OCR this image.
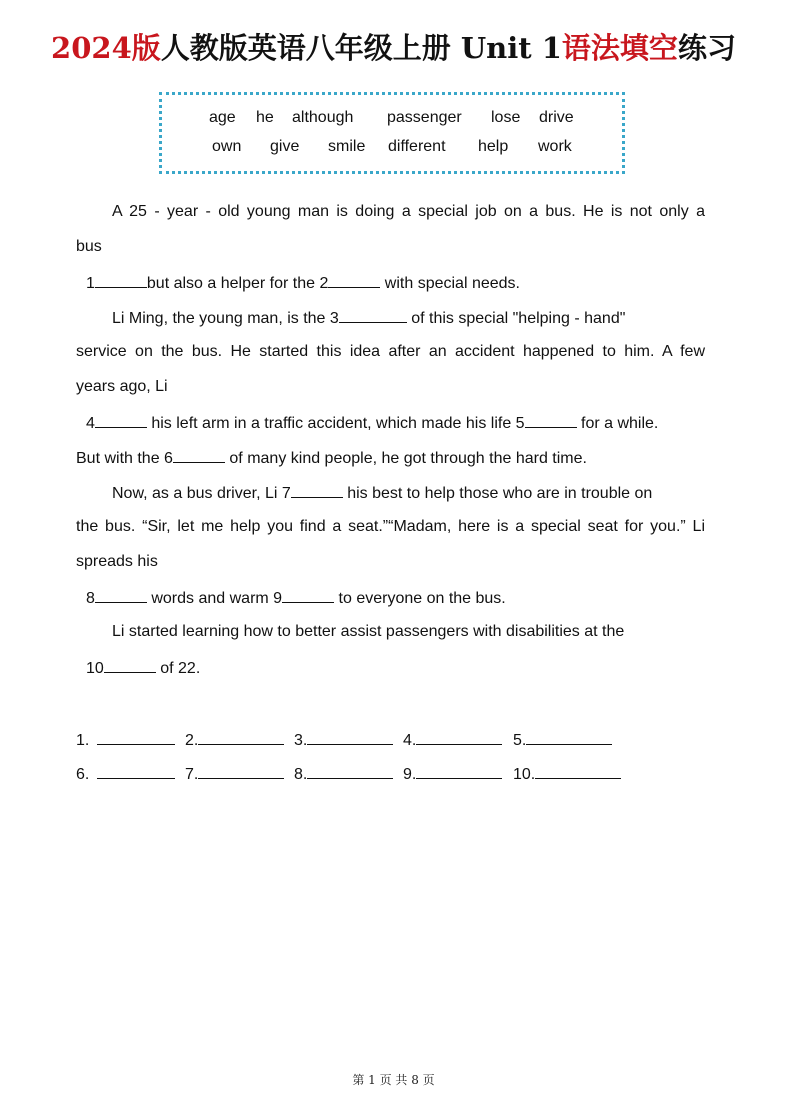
2024版人教版英语八年级上册 Unit 1语法填空练习
age he although passenger lose drive
own give smile different help work
A 25 - year - old young man is doing a special job on a bus. He is not only a
bus
1	but also a helper for the 2	with special needs.
Li Ming, the young man, is the 3	of this special "helping - hand"
service on the bus. He started this idea after an accident happened to him. A few
years ago, Li
4	his left arm in a traffic accident, which made his life 5	for a while.
But with the 6	of many kind people, he got through the hard time.
Now, as a bus driver, Li 7	his best to help those who are in trouble on
the bus. “Sir, let me help you find a seat.”“Madam, here is a special seat for you.” Li
spreads his
8	words and warm 9	to everyone on the bus.
Li started learning how to better assist passengers with disabilities at the
10	of 22.
1.	2.	3.	4.	5.
6.	7.	8.	9.	10.
第 1 页 共 8 页
